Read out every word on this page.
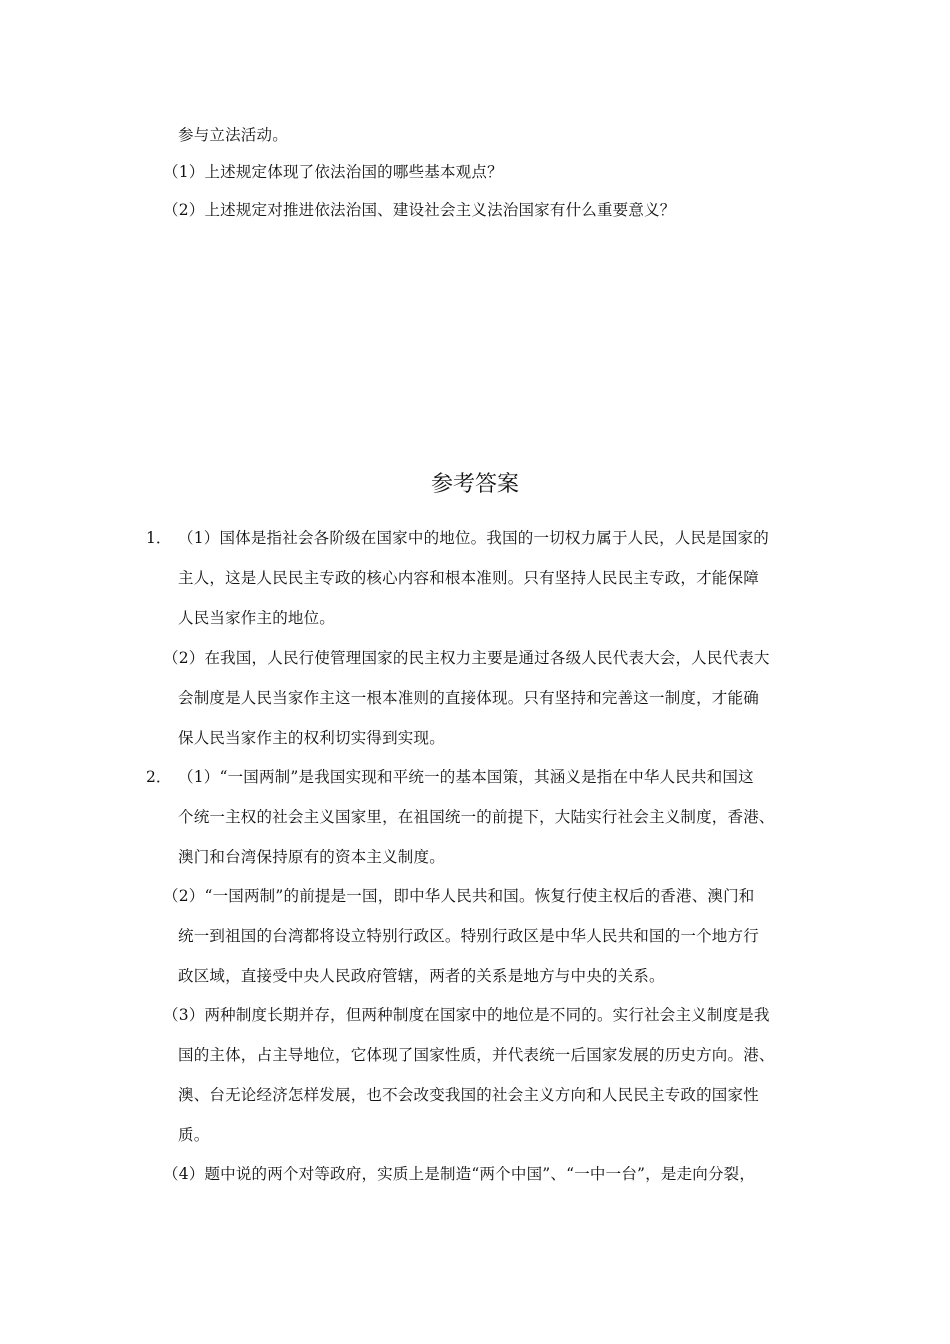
参与立法活动。
（1）上述规定体现了依法治国的哪些基本观点？
（2）上述规定对推进依法治国、建设社会主义法治国家有什么重要意义？
参考答案
1． （1）国体是指社会各阶级在国家中的地位。我国的一切权力属于人民，人民是国家的
主人，这是人民民主专政的核心内容和根本准则。只有坚持人民民主专政，才能保障
人民当家作主的地位。
（2）在我国，人民行使管理国家的民主权力主要是通过各级人民代表大会，人民代表大
会制度是人民当家作主这一根本准则的直接体现。只有坚持和完善这一制度，才能确
保人民当家作主的权利切实得到实现。
2． （1）“一国两制”是我国实现和平统一的基本国策，其涵义是指在中华人民共和国这
个统一主权的社会主义国家里，在祖国统一的前提下，大陆实行社会主义制度，香港、
澳门和台湾保持原有的资本主义制度。
（2）“一国两制”的前提是一国，即中华人民共和国。恢复行使主权后的香港、澳门和
统一到祖国的台湾都将设立特别行政区。特别行政区是中华人民共和国的一个地方行
政区域，直接受中央人民政府管辖，两者的关系是地方与中央的关系。
（3）两种制度长期并存，但两种制度在国家中的地位是不同的。实行社会主义制度是我
国的主体，占主导地位，它体现了国家性质，并代表统一后国家发展的历史方向。港、
澳、台无论经济怎样发展，也不会改变我国的社会主义方向和人民民主专政的国家性
质。
（4）题中说的两个对等政府，实质上是制造“两个中国”、“一中一台”，是走向分裂，
